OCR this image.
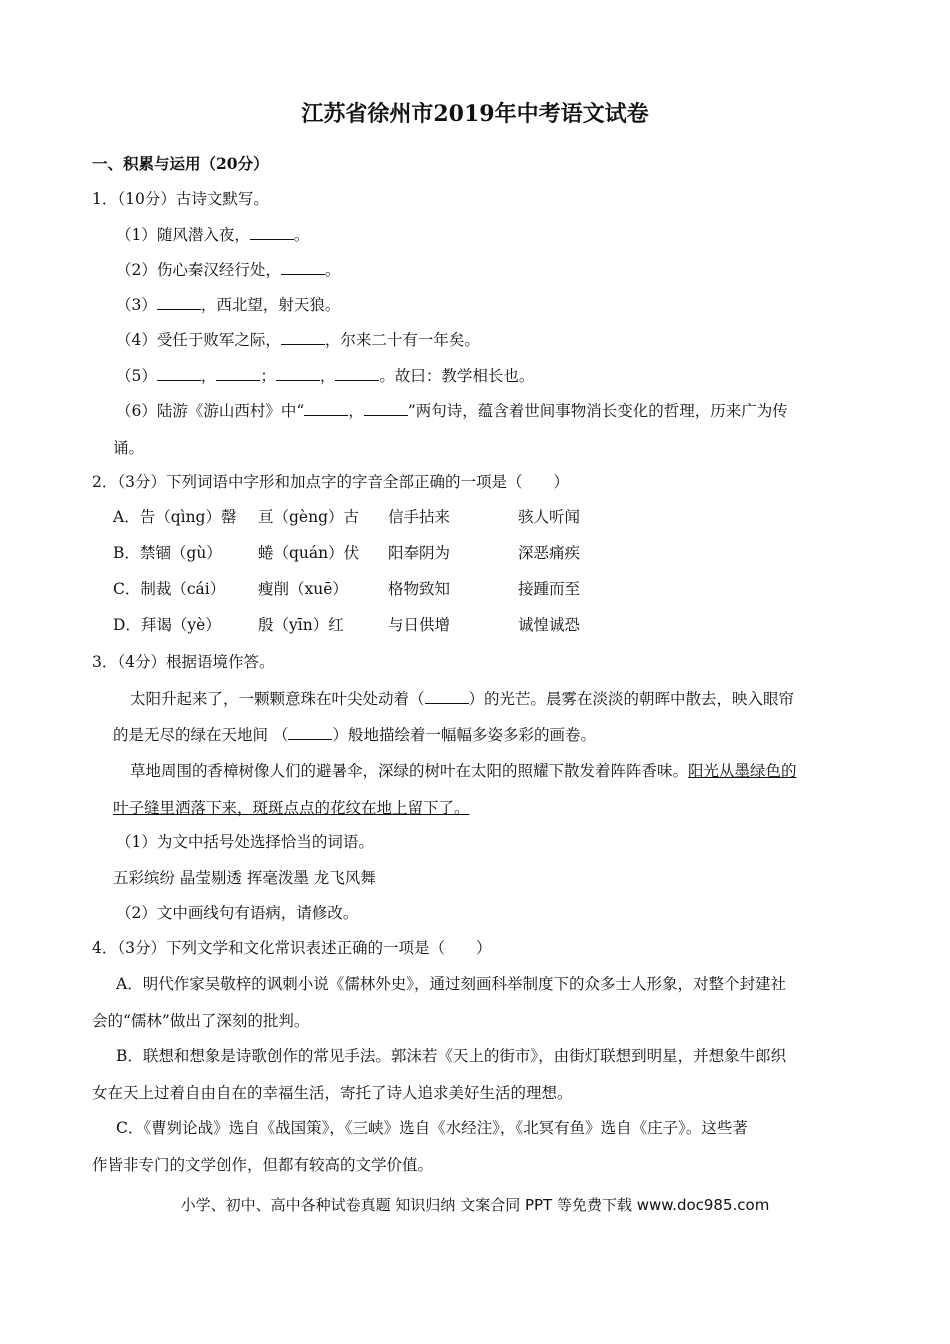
江苏省徐州市2019年中考语文试卷
一、积累与运用（20分）
1．（10分）古诗文默写。
（1）随风潜入夜，	。
（2）伤心秦汉经行处，	。
（3）	，西北望，射天狼。
（4）受任于败军之际，	，尔来二十有一年矣。
（5）	，	；	，	。故曰：教学相长也。
（6）陆游《游山西村》中“	，	”两句诗，蕴含着世间事物消长变化的哲理，历来广为传
诵。
2．（3分）下列词语中字形和加点字的字音全部正确的一项是（　　）
A．告（qìng）罄 亘（gèng）古 信手拈来	骇人听闻
B．禁锢（gù） 蜷（quán）伏 阳奉阴为	深恶痛疾
C．制裁（cái） 瘦削（xuē）	格物致知	接踵而至
D．拜谒（yè） 殷（yīn）红	与日供增	诚惶诚恐
3．（4分）根据语境作答。
太阳升起来了，一颗颗意珠在叶尖处动着（	）的光芒。晨雾在淡淡的朝晖中散去，映入眼帘
的是无尽的绿在天地间 （	）般地描绘着一幅幅多姿多彩的画卷。
草地周围的香樟树像人们的避暑伞，深绿的树叶在太阳的照耀下散发着阵阵香味。阳光从墨绿色的
叶子缝里洒落下来，斑斑点点的花纹在地上留下了。
（1）为文中括号处选择恰当的词语。
五彩缤纷 晶莹剔透 挥毫泼墨 龙飞风舞
（2）文中画线句有语病，请修改。
4．（3分）下列文学和文化常识表述正确的一项是（　　）
A．明代作家吴敬梓的讽刺小说《儒林外史》，通过刻画科举制度下的众多士人形象，对整个封建社
会的“儒林”做出了深刻的批判。
B．联想和想象是诗歌创作的常见手法。郭沫若《天上的街市》，由街灯联想到明星，并想象牛郎织
女在天上过着自由自在的幸福生活，寄托了诗人追求美好生活的理想。
C．《曹刿论战》选自《战国策》，《三峡》选自《水经注》，《北冥有鱼》选自《庄子》。这些著
作皆非专门的文学创作，但都有较高的文学价值。
小学、初中、高中各种试卷真题 知识归纳 文案合同 PPT 等免费下载 www.doc985.com
